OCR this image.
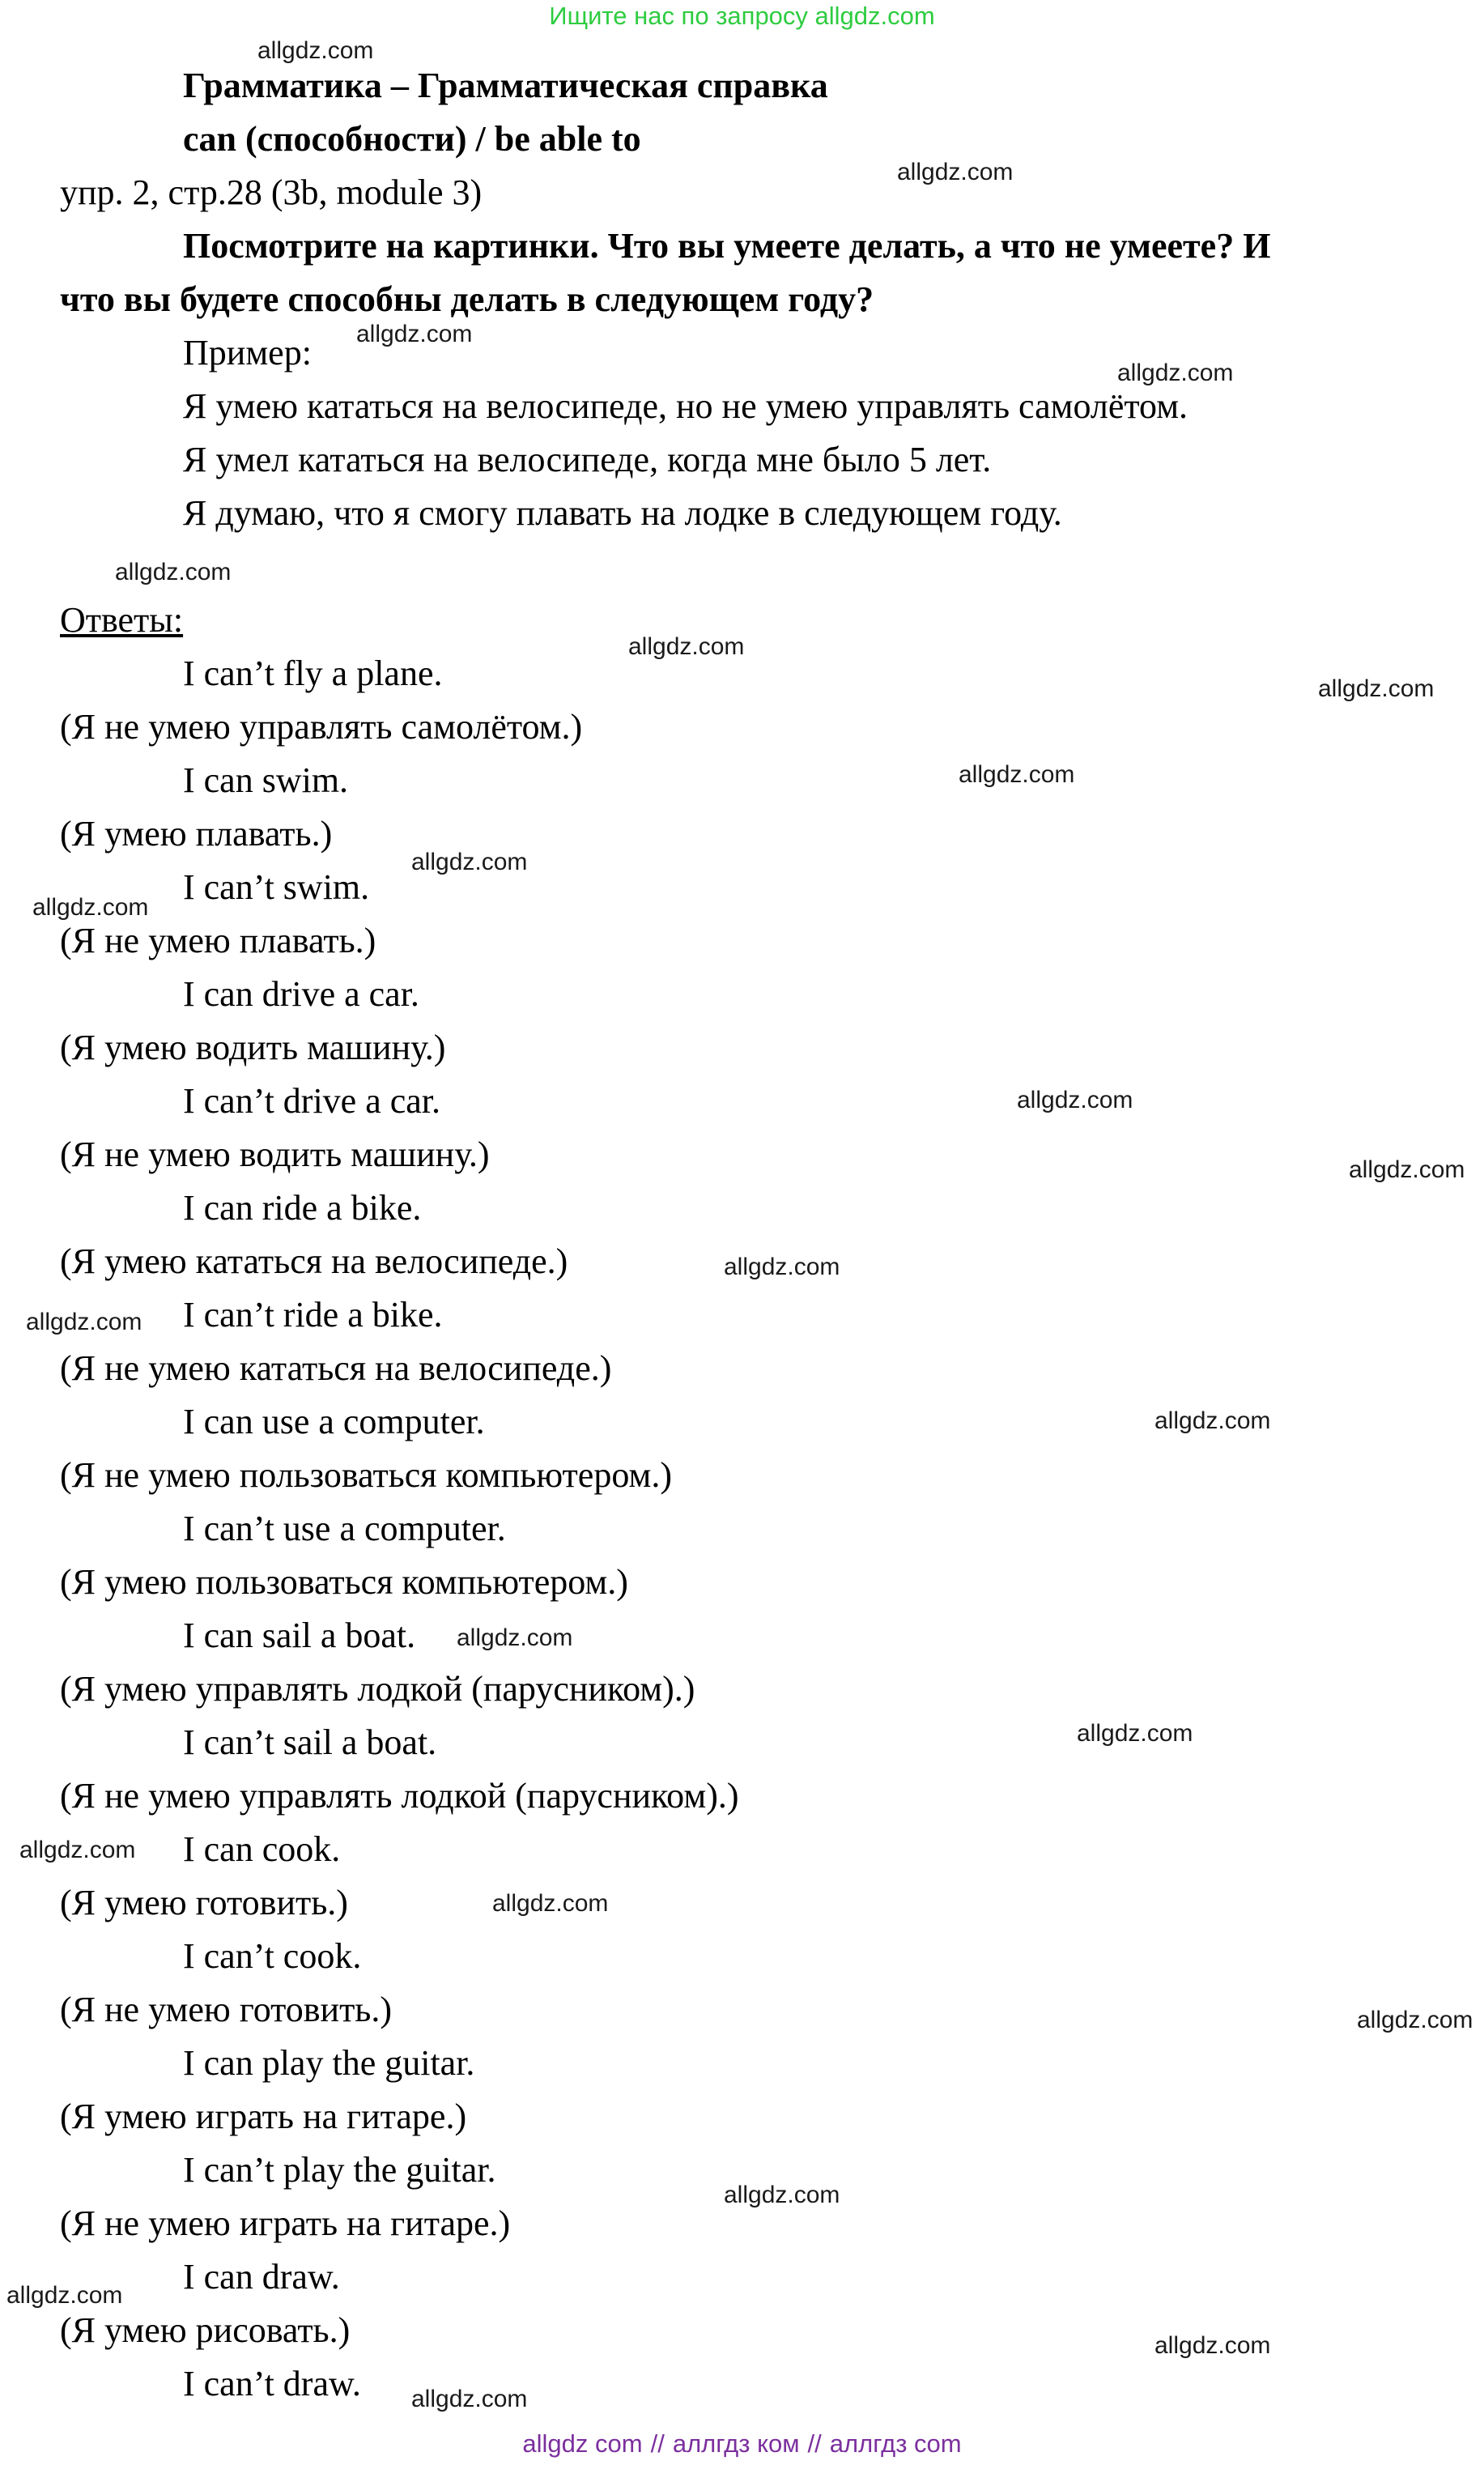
Ищите нас по запросу allgdz.com
Грамматика – Грамматическая справка
can (способности) / be able to
упр. 2, стр.28 (3b, module 3)
Посмотрите на картинки. Что вы умеете делать, а что не умеете? И
что вы будете способны делать в следующем году?
Пример:
Я умею кататься на велосипеде, но не умею управлять самолётом.
Я умел кататься на велосипеде, когда мне было 5 лет.
Я думаю, что я смогу плавать на лодке в следующем году.
Ответы:
I can’t fly a plane.
(Я не умею управлять самолётом.)
I can swim.
(Я умею плавать.)
I can’t swim.
(Я не умею плавать.)
I can drive a car.
(Я умею водить машину.)
I can’t drive a car.
(Я не умею водить машину.)
I can ride a bike.
(Я умею кататься на велосипеде.)
I can’t ride a bike.
(Я не умею кататься на велосипеде.)
I can use a computer.
(Я не умею пользоваться компьютером.)
I can’t use a computer.
(Я умею пользоваться компьютером.)
I can sail a boat.
(Я умею управлять лодкой (парусником).)
I can’t sail a boat.
(Я не умею управлять лодкой (парусником).)
I can cook.
(Я умею готовить.)
I can’t cook.
(Я не умею готовить.)
I can play the guitar.
(Я умею играть на гитаре.)
I can’t play the guitar.
(Я не умею играть на гитаре.)
I can draw.
(Я умею рисовать.)
I can’t draw.
allgdz.com
allgdz.com
allgdz.com
allgdz.com
allgdz.com
allgdz.com
allgdz.com
allgdz.com
allgdz.com
allgdz.com
allgdz.com
allgdz.com
allgdz.com
allgdz.com
allgdz.com
allgdz.com
allgdz.com
allgdz.com
allgdz.com
allgdz.com
allgdz.com
allgdz.com
allgdz.com
allgdz.com
allgdz com // аллгдз ком // аллгдз com
